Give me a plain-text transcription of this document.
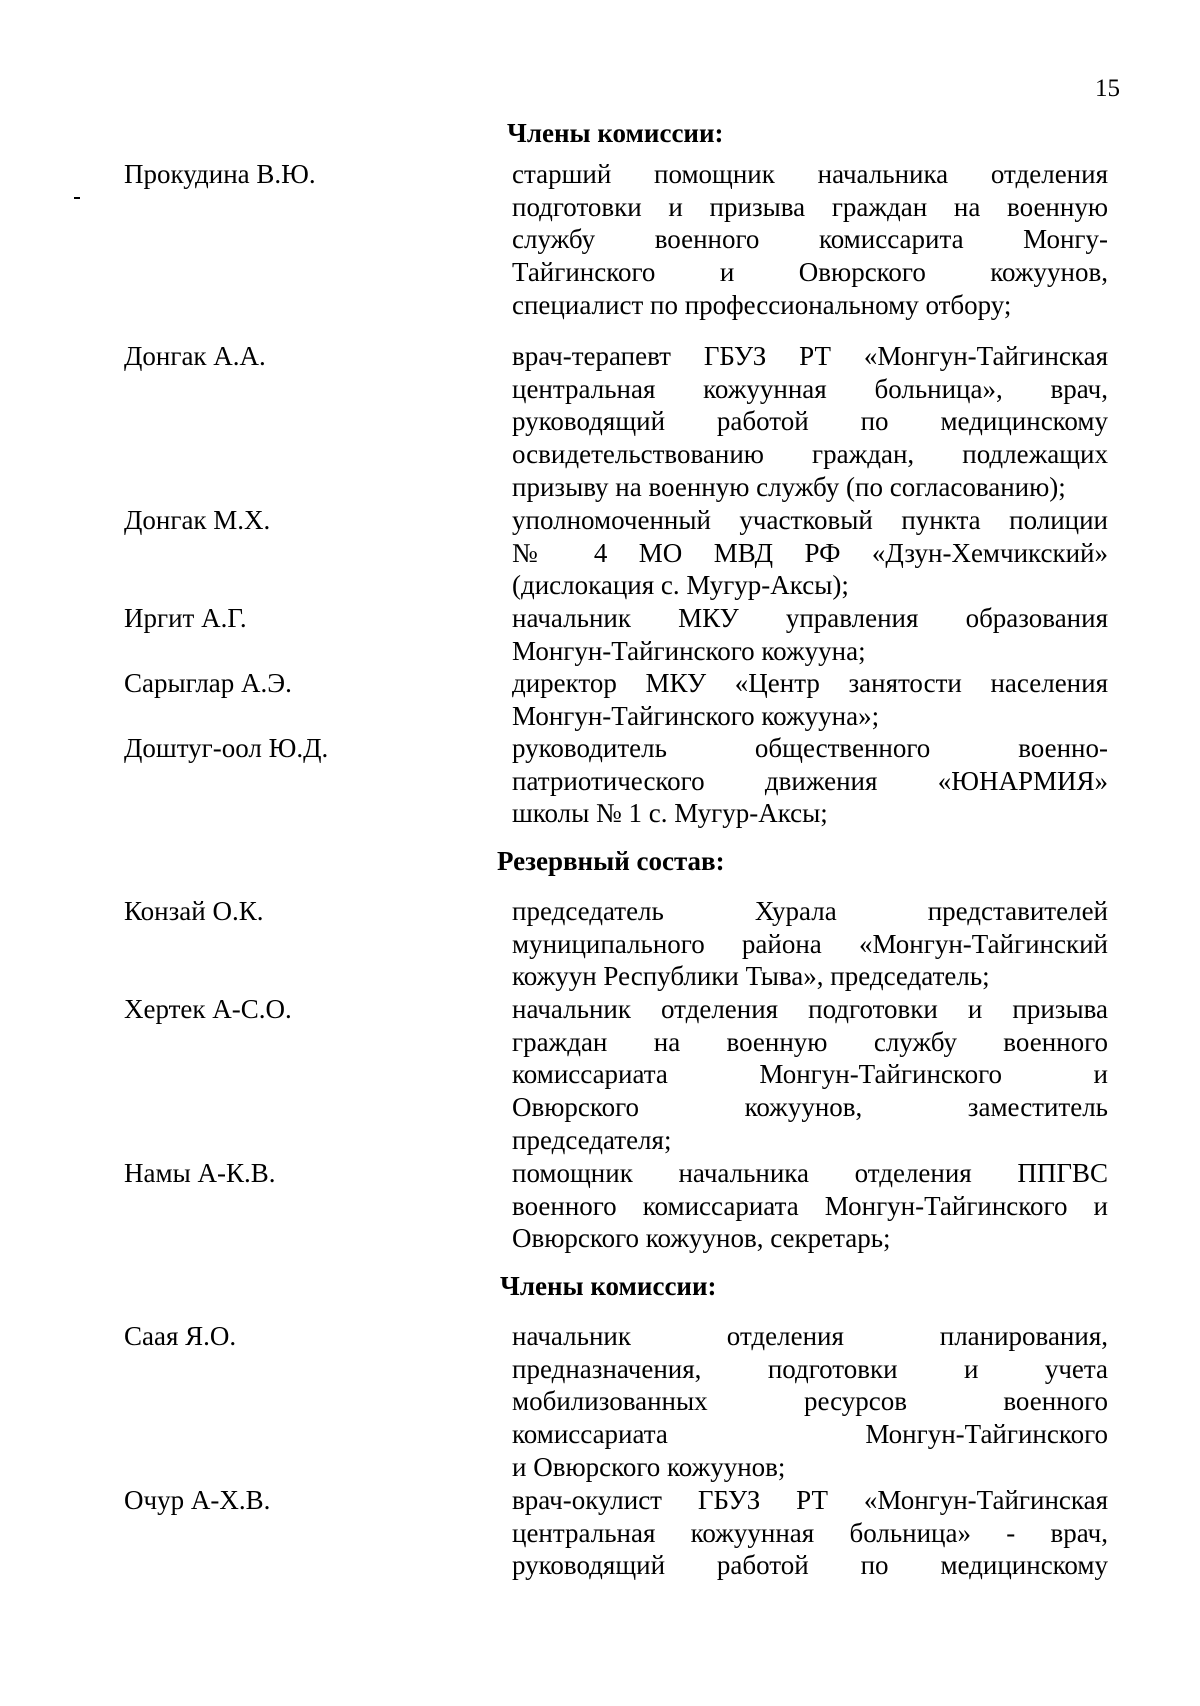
15
Члены комиссии:
Прокудина В.Ю.	старший помощник начальника отделения
подготовки и призыва граждан на военную
службу военного комиссарита Монгу-
Тайгинского и Овюрского кожуунов,
специалист по профессиональному отбору;
Донгак А.А.	врач-терапевт ГБУЗ РТ «Монгун-Тайгинская
центральная кожуунная больница», врач,
руководящий работой по медицинскому
освидетельствованию граждан, подлежащих
призыву на военную службу (по согласованию);
Донгак М.Х.	уполномоченный участковый пункта полиции
№ 4 МО МВД РФ «Дзун-Хемчикский»
(дислокация с. Мугур-Аксы);
Иргит А.Г.	начальник МКУ управления образования
Монгун-Тайгинского кожууна;
Сарыглар А.Э.	директор МКУ «Центр занятости населения
Монгун-Тайгинского кожууна»;
Доштуг-оол Ю.Д.	руководитель общественного военно-
патриотического движения «ЮНАРМИЯ»
школы № 1 с. Мугур-Аксы;
Резервный состав:
Конзай О.К.	председатель Хурала представителей
муниципального района «Монгун-Тайгинский
кожуун Республики Тыва», председатель;
Хертек А-С.О.	начальник отделения подготовки и призыва
граждан на военную службу военного
комиссариата Монгун-Тайгинского и
Овюрского кожуунов, заместитель
председателя;
Намы А-К.В.	помощник начальника отделения ППГВС
военного комиссариата Монгун-Тайгинского и
Овюрского кожуунов, секретарь;
Члены комиссии:
Саая Я.О.	начальник отделения планирования,
предназначения, подготовки и учета
мобилизованных ресурсов военного
комиссариата Монгун-Тайгинского
и Овюрского кожуунов;
Очур А-Х.В.	врач-окулист ГБУЗ РТ «Монгун-Тайгинская
центральная кожуунная больница» - врач,
руководящий работой по медицинскому
